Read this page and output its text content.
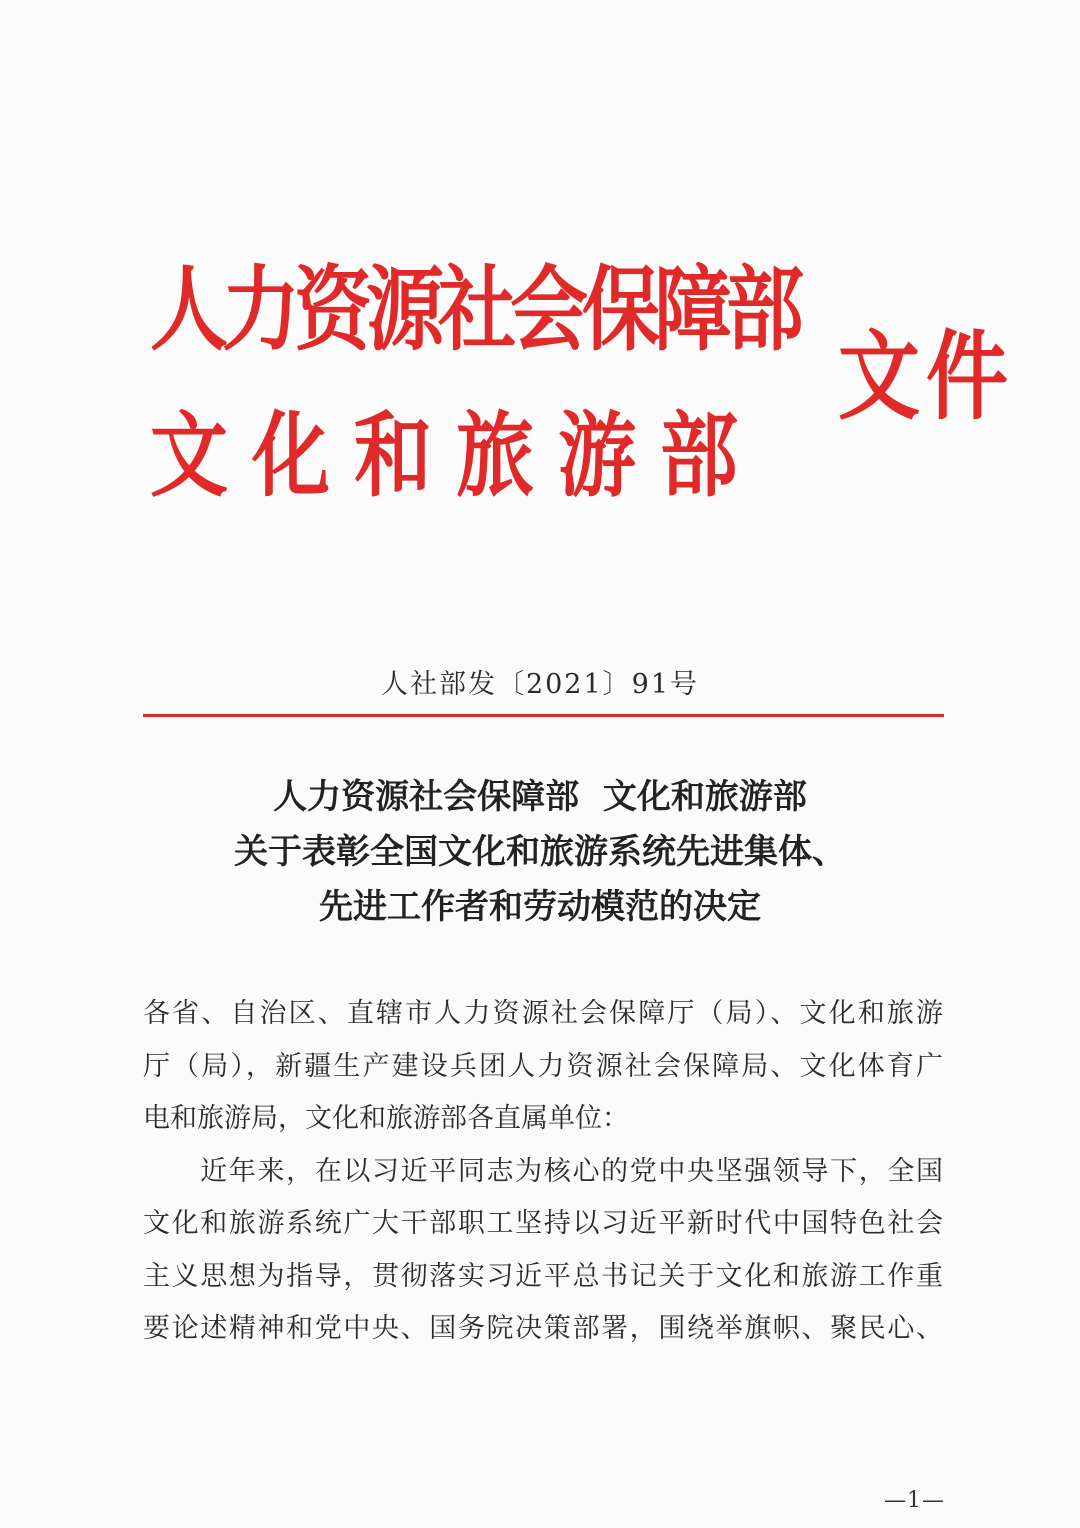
人力资源社会保障部
文化和旅游部
文件
人社部发〔2021〕91号
人力资源社会保障部  文化和旅游部
关于表彰全国文化和旅游系统先进集体、
先进工作者和劳动模范的决定
各省、自治区、直辖市人力资源社会保障厅（局）、文化和旅游
厅（局），新疆生产建设兵团人力资源社会保障局、文化体育广
电和旅游局，文化和旅游部各直属单位：
　　近年来，在以习近平同志为核心的党中央坚强领导下，全国
文化和旅游系统广大干部职工坚持以习近平新时代中国特色社会
主义思想为指导，贯彻落实习近平总书记关于文化和旅游工作重
要论述精神和党中央、国务院决策部署，围绕举旗帜、聚民心、
—1—
